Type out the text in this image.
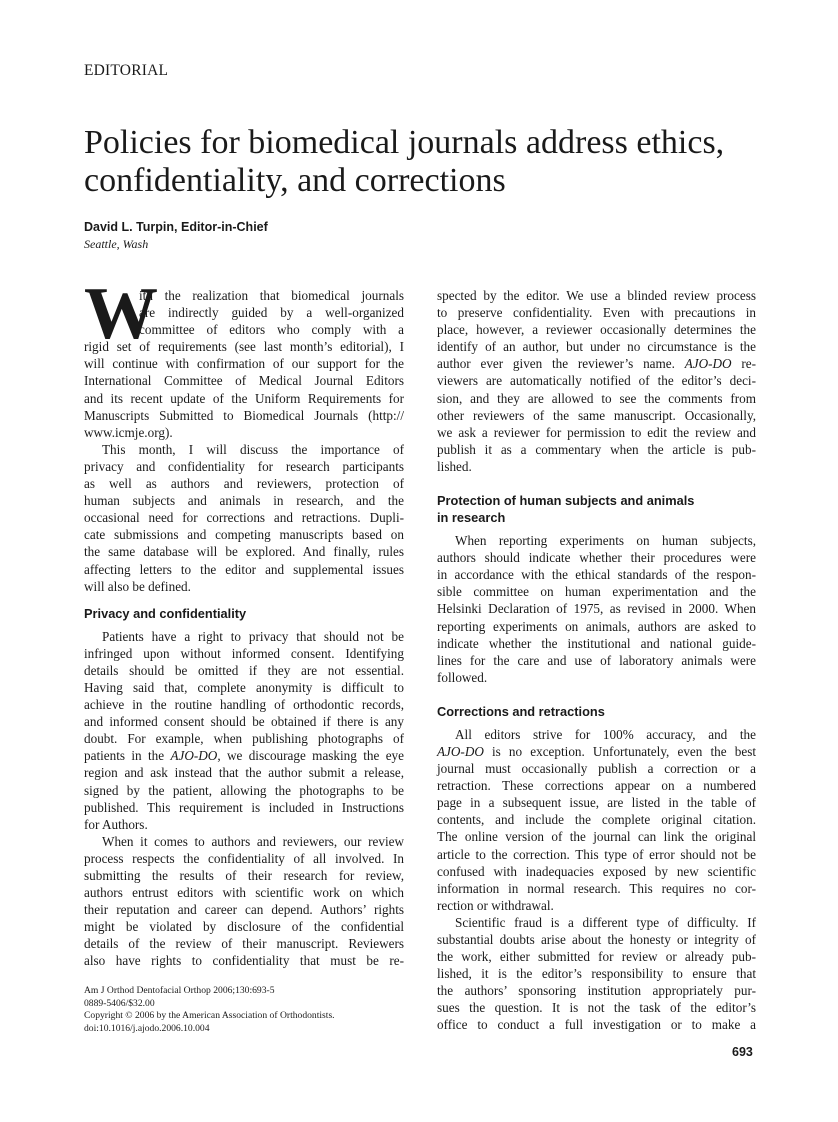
EDITORIAL
Policies for biomedical journals address ethics,
confidentiality, and corrections
David L. Turpin, Editor-in-Chief
Seattle, Wash
W
ith the realization that biomedical journals
are indirectly guided by a well-organized
committee of editors who comply with a
rigid set of requirements (see last month’s editorial), I
will continue with confirmation of our support for the
International Committee of Medical Journal Editors
and its recent update of the Uniform Requirements for
Manuscripts Submitted to Biomedical Journals (http://
www.icmje.org).
This month, I will discuss the importance of
privacy and confidentiality for research participants
as well as authors and reviewers, protection of
human subjects and animals in research, and the
occasional need for corrections and retractions. Dupli-
cate submissions and competing manuscripts based on
the same database will be explored. And finally, rules
affecting letters to the editor and supplemental issues
will also be defined.
Privacy and confidentiality
Patients have a right to privacy that should not be
infringed upon without informed consent. Identifying
details should be omitted if they are not essential.
Having said that, complete anonymity is difficult to
achieve in the routine handling of orthodontic records,
and informed consent should be obtained if there is any
doubt. For example, when publishing photographs of
patients in the AJO-DO, we discourage masking the eye
region and ask instead that the author submit a release,
signed by the patient, allowing the photographs to be
published. This requirement is included in Instructions
for Authors.
When it comes to authors and reviewers, our review
process respects the confidentiality of all involved. In
submitting the results of their research for review,
authors entrust editors with scientific work on which
their reputation and career can depend. Authors’ rights
might be violated by disclosure of the confidential
details of the review of their manuscript. Reviewers
also have rights to confidentiality that must be re-
spected by the editor. We use a blinded review process
to preserve confidentiality. Even with precautions in
place, however, a reviewer occasionally determines the
identify of an author, but under no circumstance is the
author ever given the reviewer’s name. AJO-DO re-
viewers are automatically notified of the editor’s deci-
sion, and they are allowed to see the comments from
other reviewers of the same manuscript. Occasionally,
we ask a reviewer for permission to edit the review and
publish it as a commentary when the article is pub-
lished.
Protection of human subjects and animals
in research
When reporting experiments on human subjects,
authors should indicate whether their procedures were
in accordance with the ethical standards of the respon-
sible committee on human experimentation and the
Helsinki Declaration of 1975, as revised in 2000. When
reporting experiments on animals, authors are asked to
indicate whether the institutional and national guide-
lines for the care and use of laboratory animals were
followed.
Corrections and retractions
All editors strive for 100% accuracy, and the
AJO-DO is no exception. Unfortunately, even the best
journal must occasionally publish a correction or a
retraction. These corrections appear on a numbered
page in a subsequent issue, are listed in the table of
contents, and include the complete original citation.
The online version of the journal can link the original
article to the correction. This type of error should not be
confused with inadequacies exposed by new scientific
information in normal research. This requires no cor-
rection or withdrawal.
Scientific fraud is a different type of difficulty. If
substantial doubts arise about the honesty or integrity of
the work, either submitted for review or already pub-
lished, it is the editor’s responsibility to ensure that
the authors’ sponsoring institution appropriately pur-
sues the question. It is not the task of the editor’s
office to conduct a full investigation or to make a
Am J Orthod Dentofacial Orthop 2006;130:693-5
0889-5406/$32.00
Copyright © 2006 by the American Association of Orthodontists.
doi:10.1016/j.ajodo.2006.10.004
693
